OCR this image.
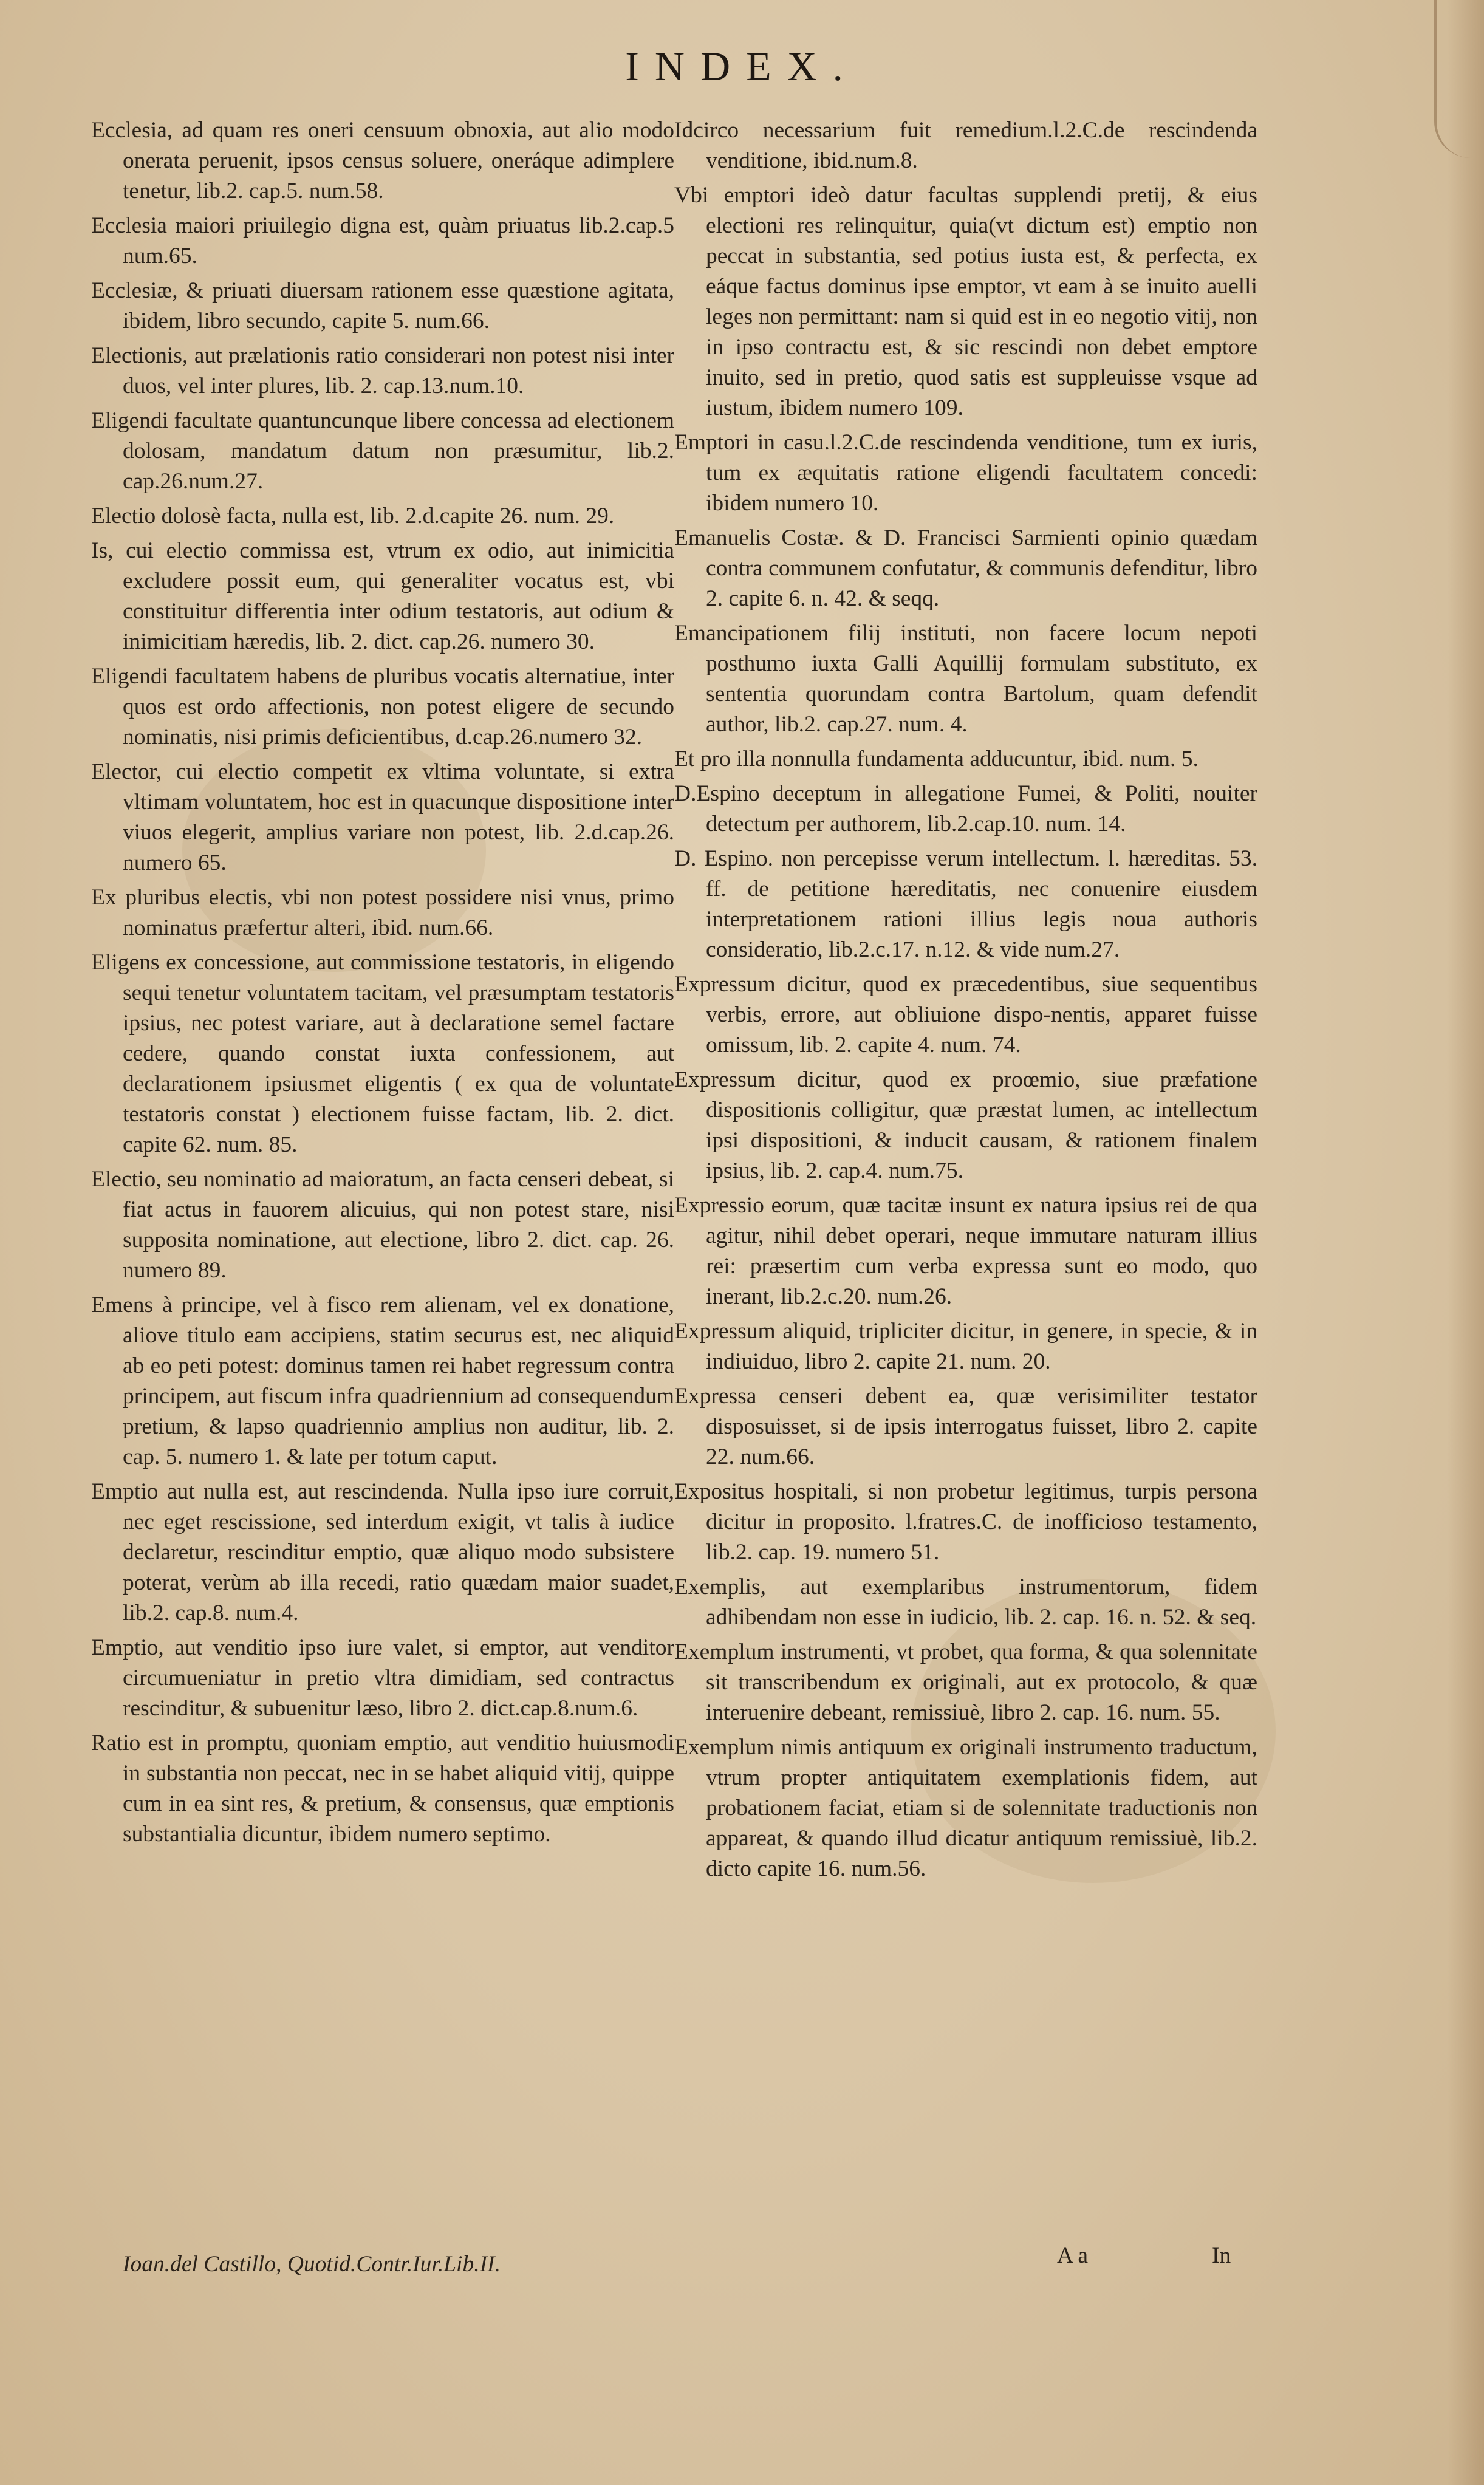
INDEX.

Ecclesia, ad quam res oneri censuum obnoxia, aut alio modo onerata peruenit, ipsos census soluere, oneráque adimplere tenetur, lib.2. cap.5. num.58.

Ecclesia maiori priuilegio digna est, quàm priuatus lib.2.cap.5 num.65.

Ecclesiæ, & priuati diuersam rationem esse quæstione agitata, ibidem, libro secundo, capite 5. num.66.

Electionis, aut prælationis ratio considerari non potest nisi inter duos, vel inter plures, lib. 2. cap.13.num.10.

Eligendi facultate quantuncunque libere concessa ad electionem dolosam, mandatum datum non præsumitur, lib.2. cap.26.num.27.

Electio dolosè facta, nulla est, lib. 2.d.capite 26. num. 29.

Is, cui electio commissa est, vtrum ex odio, aut inimicitia excludere possit eum, qui generaliter vocatus est, vbi constituitur differentia inter odium testatoris, aut odium & inimicitiam hæredis, lib. 2. dict. cap.26. numero 30.

Eligendi facultatem habens de pluribus vocatis alternatiue, inter quos est ordo affectionis, non potest eligere de secundo nominatis, nisi primis deficientibus, d.cap.26.numero 32.

Elector, cui electio competit ex vltima voluntate, si extra vltimam voluntatem, hoc est in quacunque dispositione inter viuos elegerit, amplius variare non potest, lib. 2.d.cap.26. numero 65.

Ex pluribus electis, vbi non potest possidere nisi vnus, primo nominatus præfertur alteri, ibid. num.66.

Eligens ex concessione, aut commissione testatoris, in eligendo sequi tenetur voluntatem tacitam, vel præsumptam testatoris ipsius, nec potest variare, aut à declaratione semel factare cedere, quando constat iuxta confessionem, aut declarationem ipsiusmet eligentis ( ex qua de voluntate testatoris constat ) electionem fuisse factam, lib. 2. dict. capite 62. num. 85.

Electio, seu nominatio ad maioratum, an facta censeri debeat, si fiat actus in fauorem alicuius, qui non potest stare, nisi supposita nominatione, aut electione, libro 2. dict. cap. 26. numero 89.

Emens à principe, vel à fisco rem alienam, vel ex donatione, aliove titulo eam accipiens, statim securus est, nec aliquid ab eo peti potest: dominus tamen rei habet regressum contra principem, aut fiscum infra quadriennium ad consequendum pretium, & lapso quadriennio amplius non auditur, lib. 2. cap. 5. numero 1. & late per totum caput.

Emptio aut nulla est, aut rescindenda. Nulla ipso iure corruit, nec eget rescissione, sed interdum exigit, vt talis à iudice declaretur, rescinditur emptio, quæ aliquo modo subsistere poterat, verùm ab illa recedi, ratio quædam maior suadet, lib.2. cap.8. num.4.

Emptio, aut venditio ipso iure valet, si emptor, aut venditor circumueniatur in pretio vltra dimidiam, sed contractus rescinditur, & subuenitur læso, libro 2. dict.cap.8.num.6.

Ratio est in promptu, quoniam emptio, aut venditio huiusmodi in substantia non peccat, nec in se habet aliquid vitij, quippe cum in ea sint res, & pretium, & consensus, quæ emptionis substantialia dicuntur, ibidem numero septimo.

Idcirco necessarium fuit remedium.l.2.C.de rescindenda venditione, ibid.num.8.

Vbi emptori ideò datur facultas supplendi pretij, & eius electioni res relinquitur, quia(vt dictum est) emptio non peccat in substantia, sed potius iusta est, & perfecta, ex eáque factus dominus ipse emptor, vt eam à se inuito auelli leges non permittant: nam si quid est in eo negotio vitij, non in ipso contractu est, & sic rescindi non debet emptore inuito, sed in pretio, quod satis est suppleuisse vsque ad iustum, ibidem numero 109.

Emptori in casu.l.2.C.de rescindenda venditione, tum ex iuris, tum ex æquitatis ratione eligendi facultatem concedi: ibidem numero 10.

Emanuelis Costæ. & D. Francisci Sarmienti opinio quædam contra communem confutatur, & communis defenditur, libro 2. capite 6. n. 42. & seqq.

Emancipationem filij instituti, non facere locum nepoti posthumo iuxta Galli Aquillij formulam substituto, ex sententia quorundam contra Bartolum, quam defendit author, lib.2. cap.27. num. 4.

Et pro illa nonnulla fundamenta adducuntur, ibid. num. 5.

D.Espino deceptum in allegatione Fumei, & Politi, nouiter detectum per authorem, lib.2.cap.10. num. 14.

D. Espino. non percepisse verum intellectum. l. hæreditas. 53. ff. de petitione hæreditatis, nec conuenire eiusdem interpretationem rationi illius legis noua authoris consideratio, lib.2.c.17. n.12. & vide num.27.

Expressum dicitur, quod ex præcedentibus, siue sequentibus verbis, errore, aut obliuione dispo-nentis, apparet fuisse omissum, lib. 2. capite 4. num. 74.

Expressum dicitur, quod ex proœmio, siue præfatione dispositionis colligitur, quæ præstat lumen, ac intellectum ipsi dispositioni, & inducit causam, & rationem finalem ipsius, lib. 2. cap.4. num.75.

Expressio eorum, quæ tacitæ insunt ex natura ipsius rei de qua agitur, nihil debet operari, neque immutare naturam illius rei: præsertim cum verba expressa sunt eo modo, quo inerant, lib.2.c.20. num.26.

Expressum aliquid, tripliciter dicitur, in genere, in specie, & in indiuiduo, libro 2. capite 21. num. 20.

Expressa censeri debent ea, quæ verisimiliter testator disposuisset, si de ipsis interrogatus fuisset, libro 2. capite 22. num.66.

Expositus hospitali, si non probetur legitimus, turpis persona dicitur in proposito. l.fratres.C. de inofficioso testamento, lib.2. cap. 19. numero 51.

Exemplis, aut exemplaribus instrumentorum, fidem adhibendam non esse in iudicio, lib. 2. cap. 16. n. 52. & seq.

Exemplum instrumenti, vt probet, qua forma, & qua solennitate sit transcribendum ex originali, aut ex protocolo, & quæ interuenire debeant, remissiuè, libro 2. cap. 16. num. 55.

Exemplum nimis antiquum ex originali instrumento traductum, vtrum propter antiquitatem exemplationis fidem, aut probationem faciat, etiam si de solennitate traductionis non appareat, & quando illud dicatur antiquum remissiuè, lib.2. dicto capite 16. num.56.

Ioan.del Castillo, Quotid.Contr.Iur.Lib.II.	A a	In
